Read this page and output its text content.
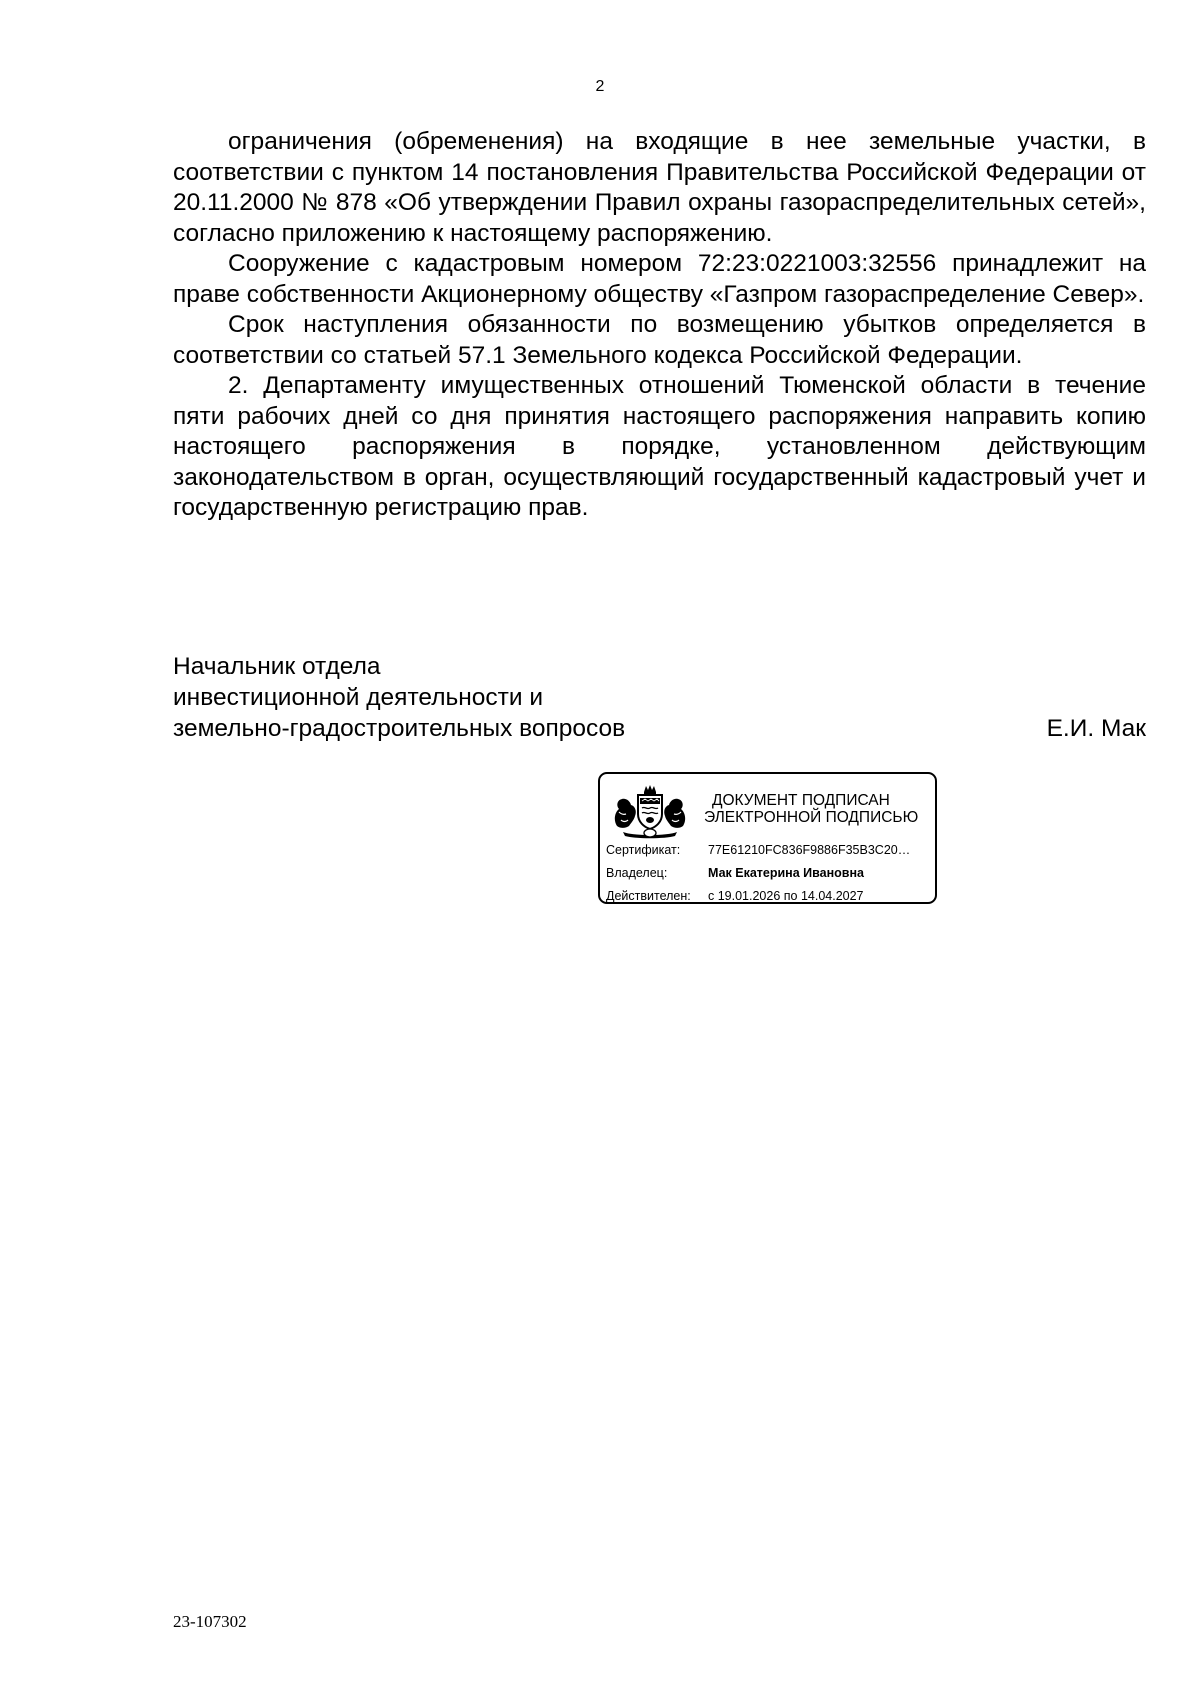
2

ограничения (обременения) на входящие в нее земельные участки, в соответствии с пунктом 14 постановления Правительства Российской Федерации от 20.11.2000 № 878 «Об утверждении Правил охраны газораспределительных сетей», согласно приложению к настоящему распоряжению.

Сооружение с кадастровым номером 72:23:0221003:32556 принадлежит на праве собственности Акционерному обществу «Газпром газораспределение Север».

Срок наступления обязанности по возмещению убытков определяется в соответствии со статьей 57.1 Земельного кодекса Российской Федерации.

2. Департаменту имущественных отношений Тюменской области в течение пяти рабочих дней со дня принятия настоящего распоряжения направить копию настоящего распоряжения в порядке, установленном действующим законодательством в орган, осуществляющий государственный кадастровый учет и государственную регистрацию прав.

Начальник отдела
инвестиционной деятельности и
земельно-градостроительных вопросов	Е.И. Мак
ДОКУМЕНТ ПОДПИСАН
ЭЛЕКТРОННОЙ ПОДПИСЬЮ
Сертификат: 77E61210FC836F9886F35B3C20…
Владелец:	Мак Екатерина Ивановна
Действителен: с 19.01.2026 по 14.04.2027
23-107302
